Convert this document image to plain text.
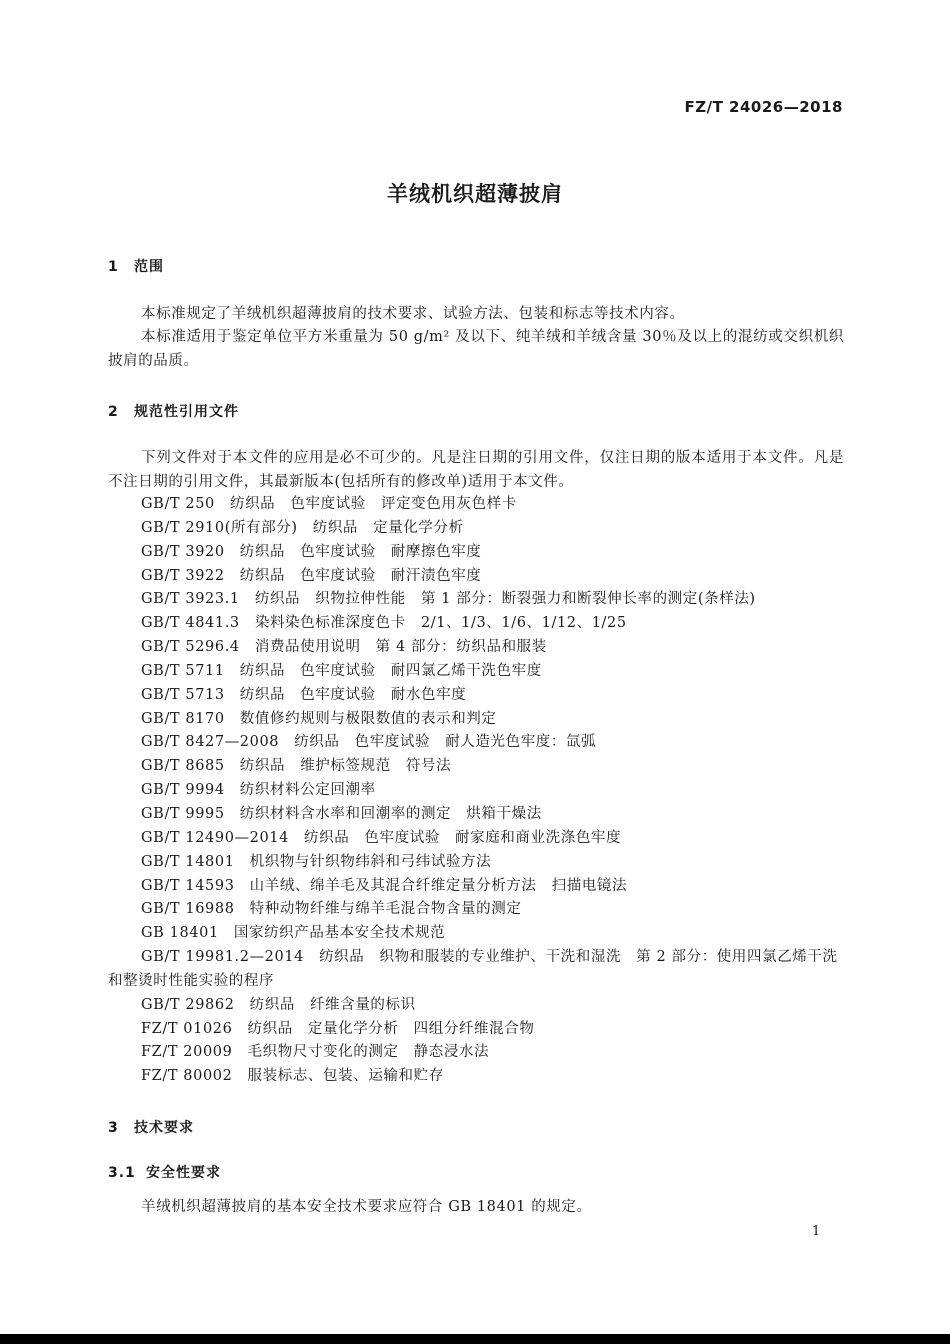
FZ/T 24026—2018
羊绒机织超薄披肩
1 范围
本标准规定了羊绒机织超薄披肩的技术要求、试验方法、包装和标志等技术内容。
本标准适用于鉴定单位平方米重量为 50 g/m² 及以下、纯羊绒和羊绒含量 30％及以上的混纺或交织机织披肩的品质。
2 规范性引用文件
下列文件对于本文件的应用是必不可少的。凡是注日期的引用文件，仅注日期的版本适用于本文件。凡是不注日期的引用文件，其最新版本(包括所有的修改单)适用于本文件。
GB/T 250　纺织品　色牢度试验　评定变色用灰色样卡
GB/T 2910(所有部分)　纺织品　定量化学分析
GB/T 3920　纺织品　色牢度试验　耐摩擦色牢度
GB/T 3922　纺织品　色牢度试验　耐汗渍色牢度
GB/T 3923.1　纺织品　织物拉伸性能　第 1 部分：断裂强力和断裂伸长率的测定(条样法)
GB/T 4841.3　染料染色标准深度色卡　2/1、1/3、1/6、1/12、1/25
GB/T 5296.4　消费品使用说明　第 4 部分：纺织品和服装
GB/T 5711　纺织品　色牢度试验　耐四氯乙烯干洗色牢度
GB/T 5713　纺织品　色牢度试验　耐水色牢度
GB/T 8170　数值修约规则与极限数值的表示和判定
GB/T 8427—2008　纺织品　色牢度试验　耐人造光色牢度：氙弧
GB/T 8685　纺织品　维护标签规范　符号法
GB/T 9994　纺织材料公定回潮率
GB/T 9995　纺织材料含水率和回潮率的测定　烘箱干燥法
GB/T 12490—2014　纺织品　色牢度试验　耐家庭和商业洗涤色牢度
GB/T 14801　机织物与针织物纬斜和弓纬试验方法
GB/T 14593　山羊绒、绵羊毛及其混合纤维定量分析方法　扫描电镜法
GB/T 16988　特种动物纤维与绵羊毛混合物含量的测定
GB 18401　国家纺织产品基本安全技术规范
GB/T 19981.2—2014　纺织品　织物和服装的专业维护、干洗和湿洗　第 2 部分：使用四氯乙烯干洗和整烫时性能实验的程序
GB/T 29862　纺织品　纤维含量的标识
FZ/T 01026　纺织品　定量化学分析　四组分纤维混合物
FZ/T 20009　毛织物尺寸变化的测定　静态浸水法
FZ/T 80002　服装标志、包装、运输和贮存
3 技术要求
3.1 安全性要求
羊绒机织超薄披肩的基本安全技术要求应符合 GB 18401 的规定。
1
